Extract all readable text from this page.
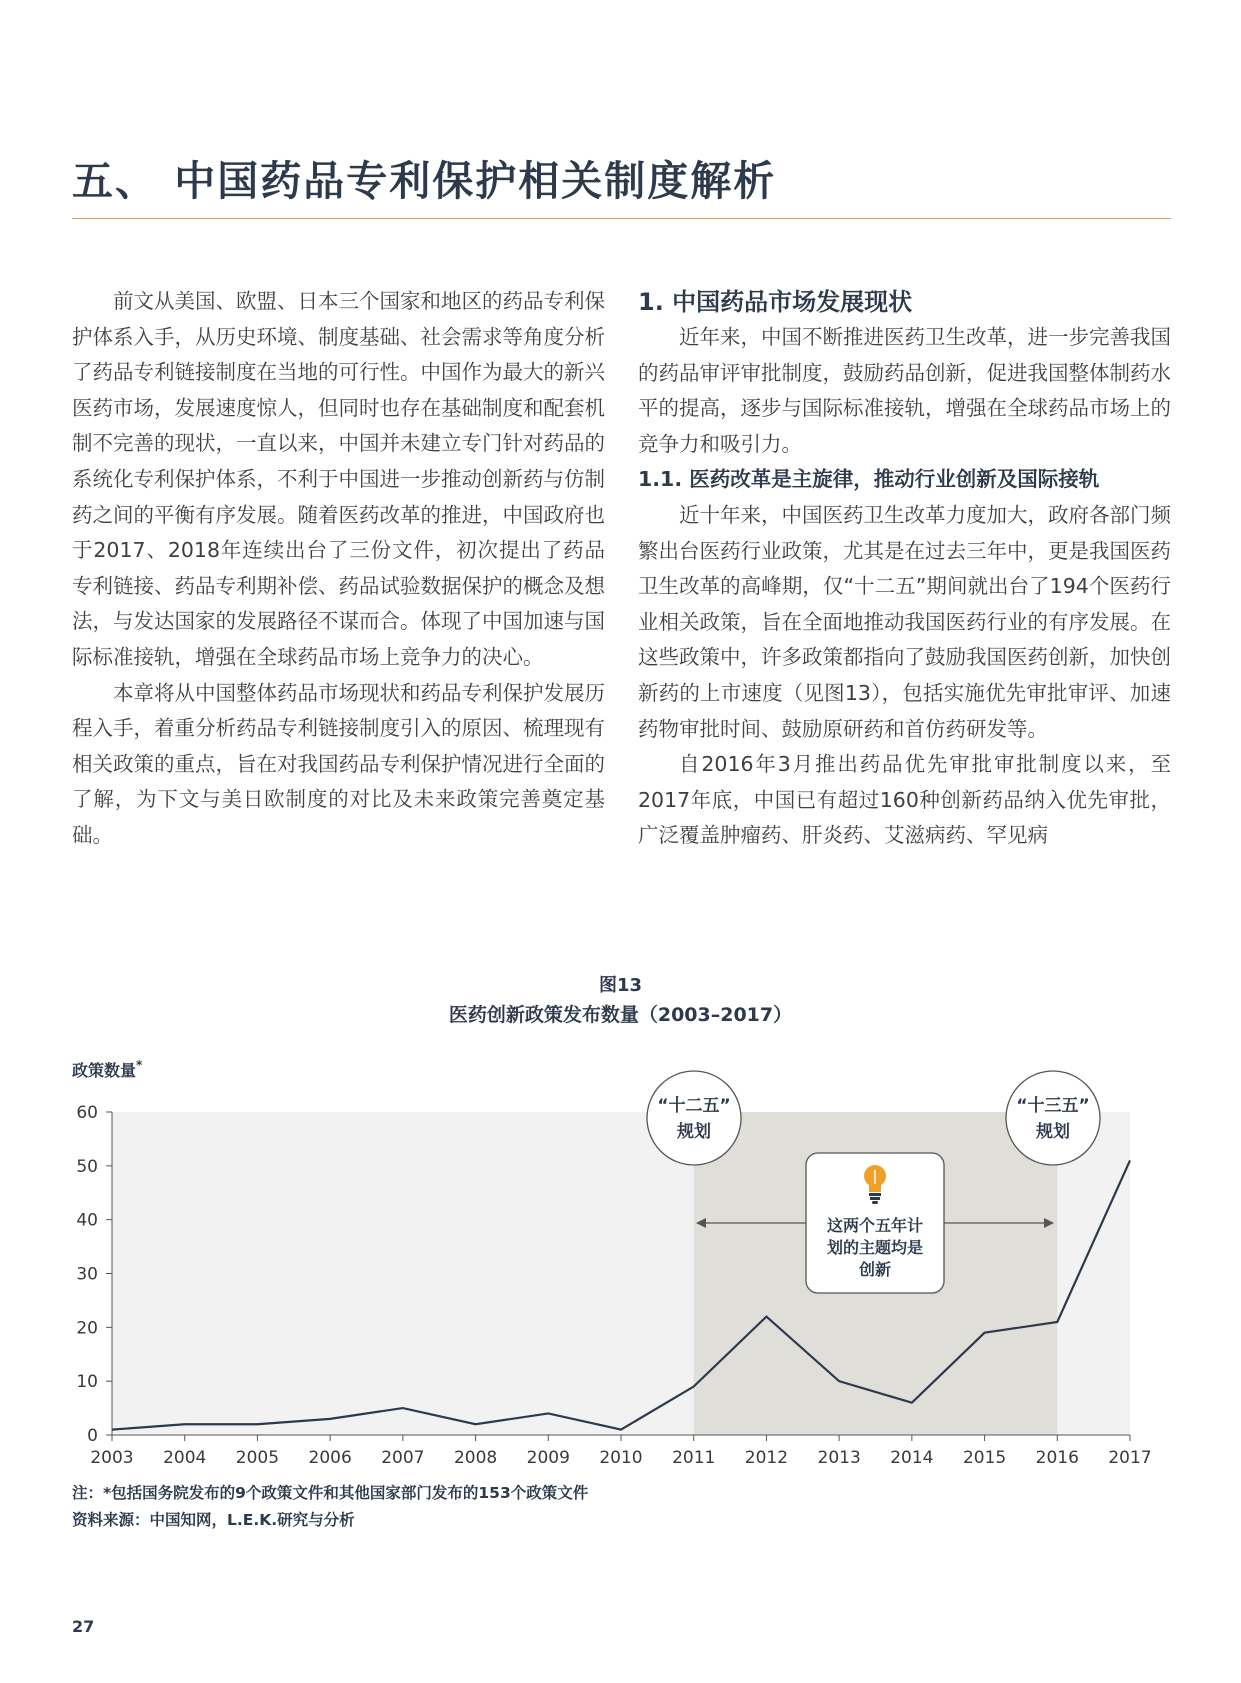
五、 中国药品专利保护相关制度解析

前文从美国、欧盟、日本三个国家和地区的药品专利保护体系入手，从历史环境、制度基础、社会需求等角度分析了药品专利链接制度在当地的可行性。中国作为最大的新兴医药市场，发展速度惊人，但同时也存在基础制度和配套机制不完善的现状，一直以来，中国并未建立专门针对药品的系统化专利保护体系，不利于中国进一步推动创新药与仿制药之间的平衡有序发展。随着医药改革的推进，中国政府也于2017、2018年连续出台了三份文件，初次提出了药品专利链接、药品专利期补偿、药品试验数据保护的概念及想法，与发达国家的发展路径不谋而合。体现了中国加速与国际标准接轨，增强在全球药品市场上竞争力的决心。

本章将从中国整体药品市场现状和药品专利保护发展历程入手，着重分析药品专利链接制度引入的原因、梳理现有相关政策的重点，旨在对我国药品专利保护情况进行全面的了解，为下文与美日欧制度的对比及未来政策完善奠定基础。

1. 中国药品市场发展现状

近年来，中国不断推进医药卫生改革，进一步完善我国的药品审评审批制度，鼓励药品创新，促进我国整体制药水平的提高，逐步与国际标准接轨，增强在全球药品市场上的竞争力和吸引力。

1.1. 医药改革是主旋律，推动行业创新及国际接轨

近十年来，中国医药卫生改革力度加大，政府各部门频繁出台医药行业政策，尤其是在过去三年中，更是我国医药卫生改革的高峰期，仅“十二五”期间就出台了194个医药行业相关政策，旨在全面地推动我国医药行业的有序发展。在这些政策中，许多政策都指向了鼓励我国医药创新，加快创新药的上市速度（见图13），包括实施优先审批审评、加速药物审批时间、鼓励原研药和首仿药研发等。

自2016年3月推出药品优先审批审批制度以来，至2017年底，中国已有超过160种创新药品纳入优先审批，广泛覆盖肿瘤药、肝炎药、艾滋病药、罕见病

图13
医药创新政策发布数量（2003–2017）
政策数量*
0
10
20
30
40
50
60
2003 2004 2005 2006 2007 2008 2009 2010 2011 2012 2013 2014 2015 2016 2017
这两个五年计
划的主题均是
创新
“十二五”
规划
“十三五”
规划
注：*包括国务院发布的9个政策文件和其他国家部门发布的153个政策文件
资料来源：中国知网，L.E.K.研究与分析
27
